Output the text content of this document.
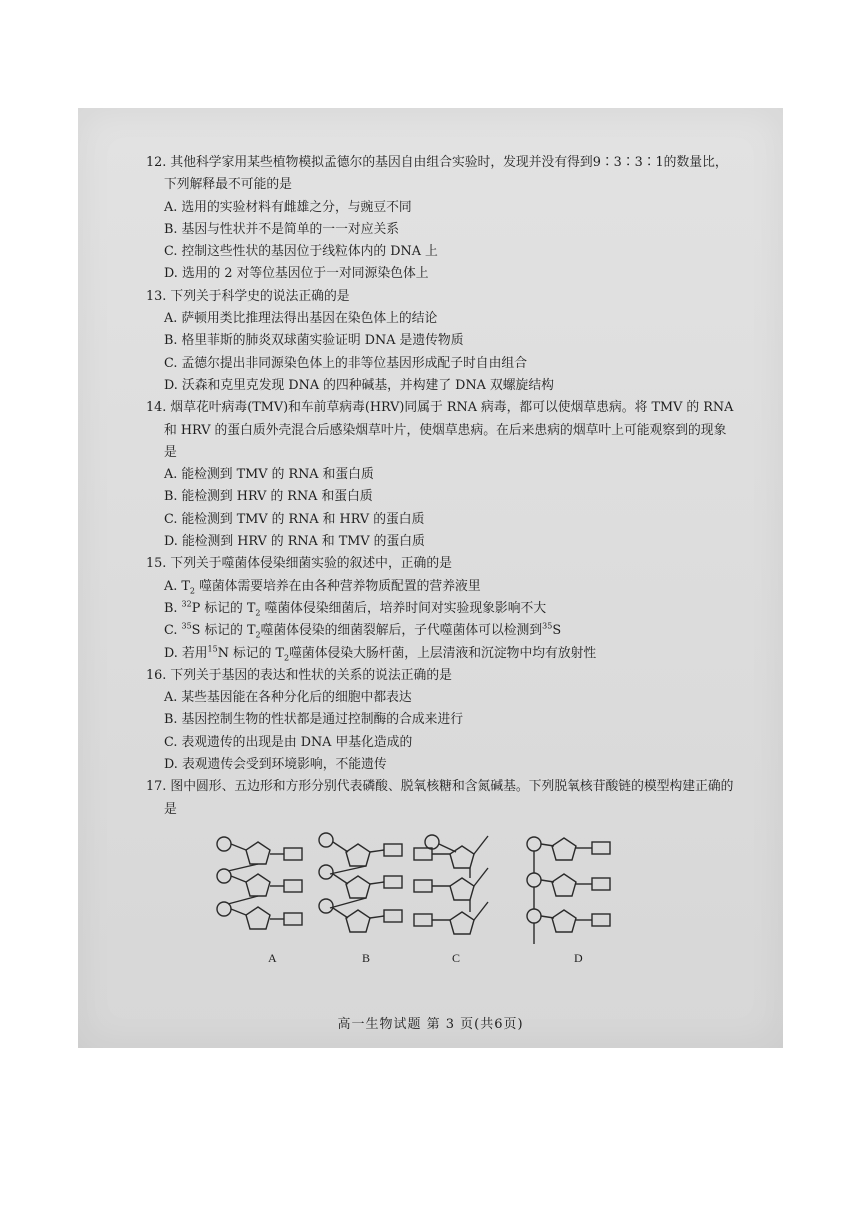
12. 其他科学家用某些植物模拟孟德尔的基因自由组合实验时，发现并没有得到9∶3∶3∶1的数量比，下列解释最不可能的是

A. 选用的实验材料有雌雄之分，与豌豆不同

B. 基因与性状并不是简单的一一对应关系

C. 控制这些性状的基因位于线粒体内的 DNA 上

D. 选用的 2 对等位基因位于一对同源染色体上

13. 下列关于科学史的说法正确的是

A. 萨顿用类比推理法得出基因在染色体上的结论

B. 格里菲斯的肺炎双球菌实验证明 DNA 是遗传物质

C. 孟德尔提出非同源染色体上的非等位基因形成配子时自由组合

D. 沃森和克里克发现 DNA 的四种碱基，并构建了 DNA 双螺旋结构

14. 烟草花叶病毒(TMV)和车前草病毒(HRV)同属于 RNA 病毒，都可以使烟草患病。将 TMV 的 RNA 和 HRV 的蛋白质外壳混合后感染烟草叶片，使烟草患病。在后来患病的烟草叶上可能观察到的现象是

A. 能检测到 TMV 的 RNA 和蛋白质

B. 能检测到 HRV 的 RNA 和蛋白质

C. 能检测到 TMV 的 RNA 和 HRV 的蛋白质

D. 能检测到 HRV 的 RNA 和 TMV 的蛋白质

15. 下列关于噬菌体侵染细菌实验的叙述中，正确的是

A. $T_2$ 噬菌体需要培养在由各种营养物质配置的营养液里

B. $^{32}$P 标记的 $T_2$ 噬菌体侵染细菌后，培养时间对实验现象影响不大

C. $^{35}$S 标记的 $T_2$噬菌体侵染的细菌裂解后，子代噬菌体可以检测到$^{35}$S

D. 若用$^{15}$N 标记的 $T_2$噬菌体侵染大肠杆菌，上层清液和沉淀物中均有放射性

16. 下列关于基因的表达和性状的关系的说法正确的是

A. 某些基因能在各种分化后的细胞中都表达

B. 基因控制生物的性状都是通过控制酶的合成来进行

C. 表观遗传的出现是由 DNA 甲基化造成的

D. 表观遗传会受到环境影响，不能遗传

17. 图中圆形、五边形和方形分别代表磷酸、脱氧核糖和含氮碱基。下列脱氧核苷酸链的模型构建正确的是

A	B	C	D
高一生物试题 第 3 页(共6页)
